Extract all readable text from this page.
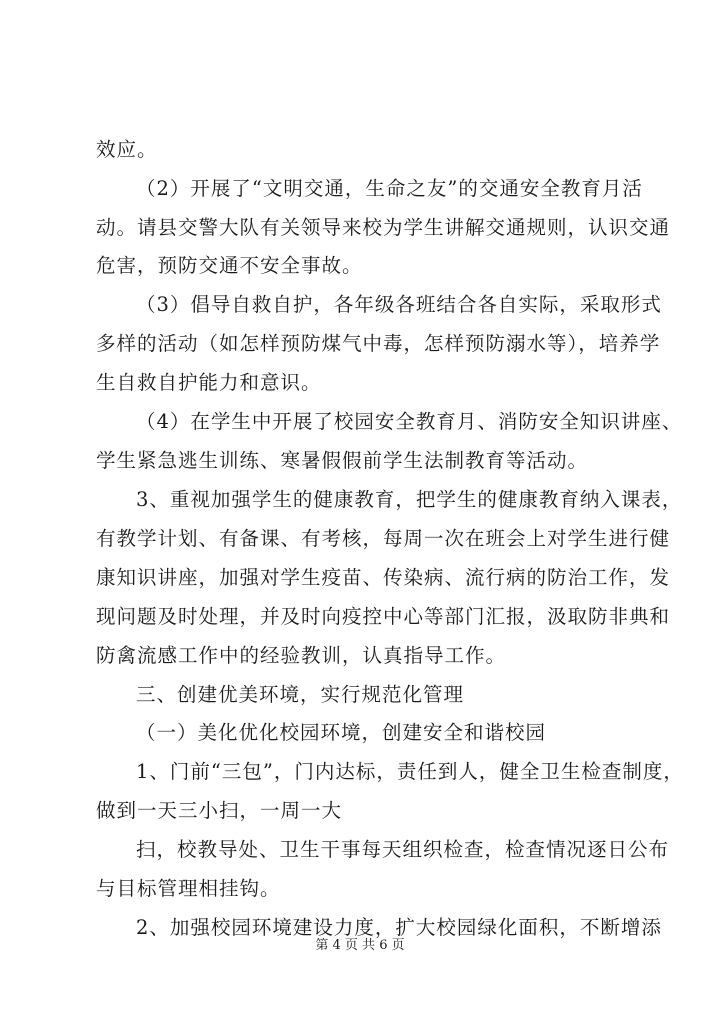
效应。
（2）开展了“文明交通，生命之友”的交通安全教育月活
动。请县交警大队有关领导来校为学生讲解交通规则，认识交通
危害，预防交通不安全事故。
（3）倡导自救自护，各年级各班结合各自实际，采取形式
多样的活动（如怎样预防煤气中毒，怎样预防溺水等），培养学
生自救自护能力和意识。
（4）在学生中开展了校园安全教育月、消防安全知识讲座、
学生紧急逃生训练、寒暑假假前学生法制教育等活动。
3、重视加强学生的健康教育，把学生的健康教育纳入课表，
有教学计划、有备课、有考核，每周一次在班会上对学生进行健
康知识讲座，加强对学生疫苗、传染病、流行病的防治工作，发
现问题及时处理，并及时向疫控中心等部门汇报，汲取防非典和
防禽流感工作中的经验教训，认真指导工作。
三、创建优美环境，实行规范化管理
（一）美化优化校园环境，创建安全和谐校园
1、门前“三包”，门内达标，责任到人，健全卫生检查制度，
做到一天三小扫，一周一大
扫，校教导处、卫生干事每天组织检查，检查情况逐日公布
与目标管理相挂钩。
2、加强校园环境建设力度，扩大校园绿化面积，不断增添
第 4 页 共 6 页
